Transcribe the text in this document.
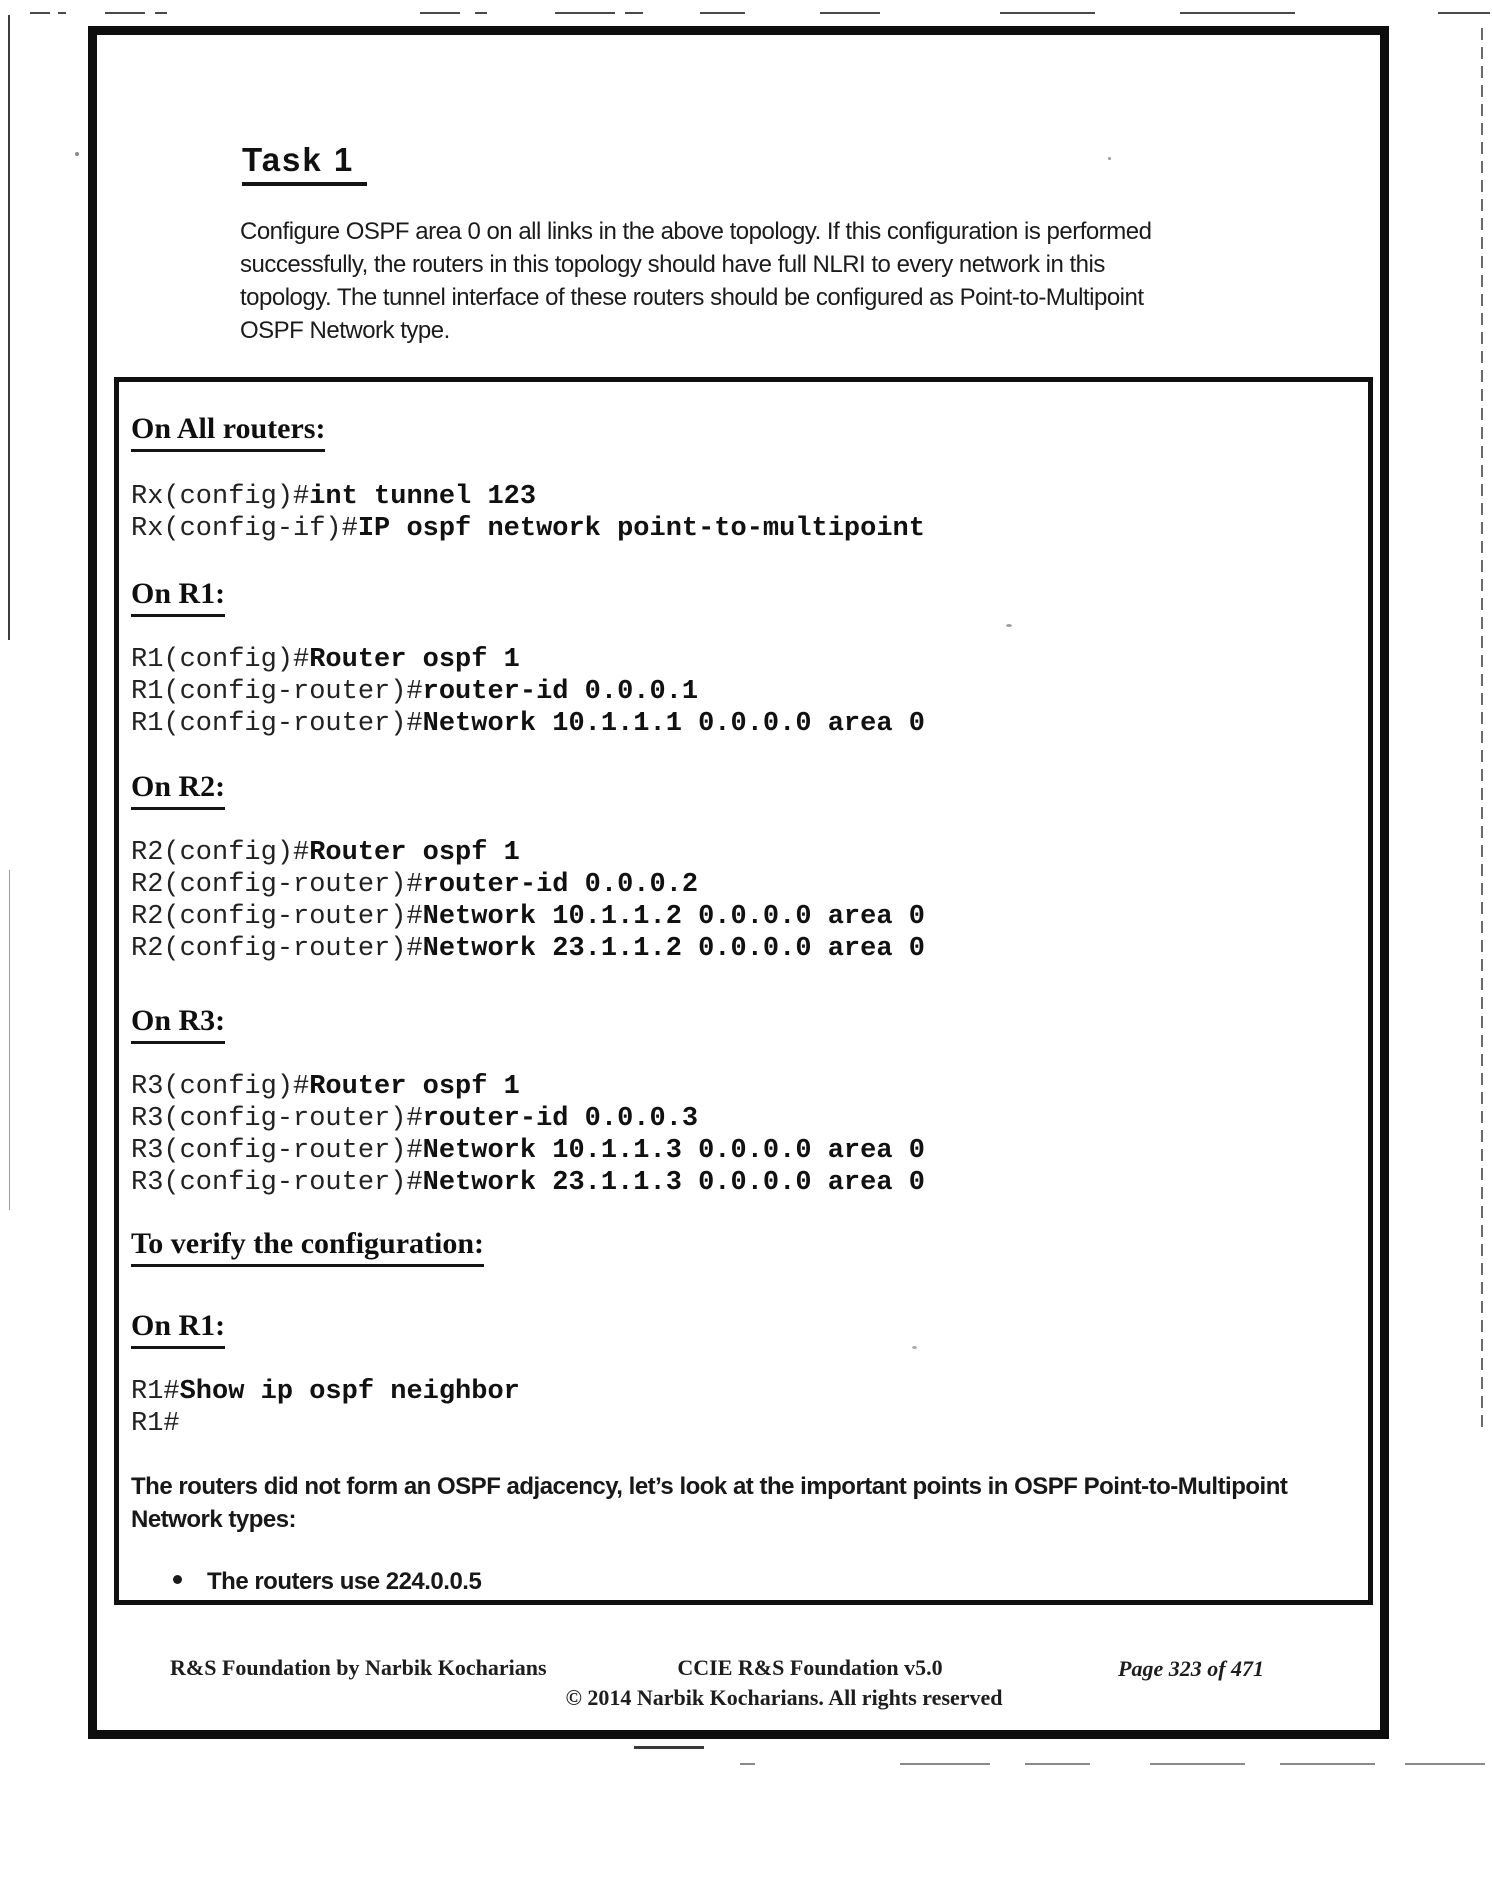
Task 1
Configure OSPF area 0 on all links in the above topology. If this configuration is performed
successfully, the routers in this topology should have full NLRI to every network in this
topology. The tunnel interface of these routers should be configured as Point-to-Multipoint
OSPF Network type.
On All routers:
Rx(config)#int tunnel 123
Rx(config-if)#IP ospf network point-to-multipoint
On R1:
R1(config)#Router ospf 1
R1(config-router)#router-id 0.0.0.1
R1(config-router)#Network 10.1.1.1 0.0.0.0 area 0
On R2:
R2(config)#Router ospf 1
R2(config-router)#router-id 0.0.0.2
R2(config-router)#Network 10.1.1.2 0.0.0.0 area 0
R2(config-router)#Network 23.1.1.2 0.0.0.0 area 0
On R3:
R3(config)#Router ospf 1
R3(config-router)#router-id 0.0.0.3
R3(config-router)#Network 10.1.1.3 0.0.0.0 area 0
R3(config-router)#Network 23.1.1.3 0.0.0.0 area 0
To verify the configuration:
On R1:
R1#Show ip ospf neighbor
R1#
The routers did not form an OSPF adjacency, let’s look at the important points in OSPF Point-to-Multipoint
Network types:
The routers use 224.0.0.5
R&S Foundation by Narbik Kocharians	CCIE R&S Foundation v5.0	Page 323 of 471
© 2014 Narbik Kocharians. All rights reserved
